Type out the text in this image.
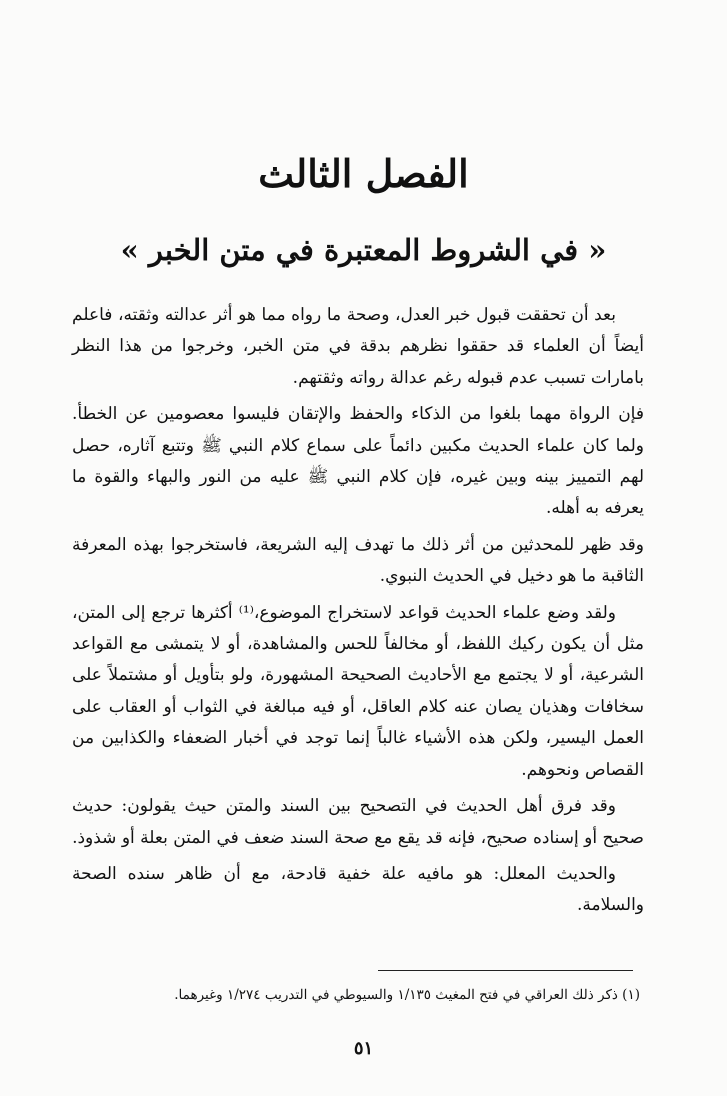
الفصل الثالث
« في الشروط المعتبرة في متن الخبر »

بعد أن تحققت قبول خبر العدل، وصحة ما رواه مما هو أثر عدالته وثقته، فاعلم أيضاً أن العلماء قد حققوا نظرهم بدقة في متن الخبر، وخرجوا من هذا النظر بامارات تسبب عدم قبوله رغم عدالة رواته وثقتهم.

فإن الرواة مهما بلغوا من الذكاء والحفظ والإتقان فليسوا معصومين عن الخطأ. ولما كان علماء الحديث مكبين دائماً على سماع كلام النبي ﷺ وتتبع آثاره، حصل لهم التمييز بينه وبين غيره، فإن كلام النبي ﷺ عليه من النور والبهاء والقوة ما يعرفه به أهله.

وقد ظهر للمحدثين من أثر ذلك ما تهدف إليه الشريعة، فاستخرجوا بهذه المعرفة الثاقبة ما هو دخيل في الحديث النبوي.

ولقد وضع علماء الحديث قواعد لاستخراج الموضوع،⁽¹⁾ أكثرها ترجع إلى المتن، مثل أن يكون ركيك اللفظ، أو مخالفاً للحس والمشاهدة، أو لا يتمشى مع القواعد الشرعية، أو لا يجتمع مع الأحاديث الصحيحة المشهورة، ولو بتأويل أو مشتملاً على سخافات وهذيان يصان عنه كلام العاقل، أو فيه مبالغة في الثواب أو العقاب على العمل اليسير، ولكن هذه الأشياء غالباً إنما توجد في أخبار الضعفاء والكذابين من القصاص ونحوهم.

وقد فرق أهل الحديث في التصحيح بين السند والمتن حيث يقولون: حديث صحيح أو إسناده صحيح، فإنه قد يقع مع صحة السند ضعف في المتن بعلة أو شذوذ.

والحديث المعلل: هو مافيه علة خفية قادحة، مع أن ظاهر سنده الصحة والسلامة.

(١) ذكر ذلك العراقي في فتح المغيث ١/١٣٥ والسيوطي في التدريب ١/٢٧٤ وغيرهما.
٥١
